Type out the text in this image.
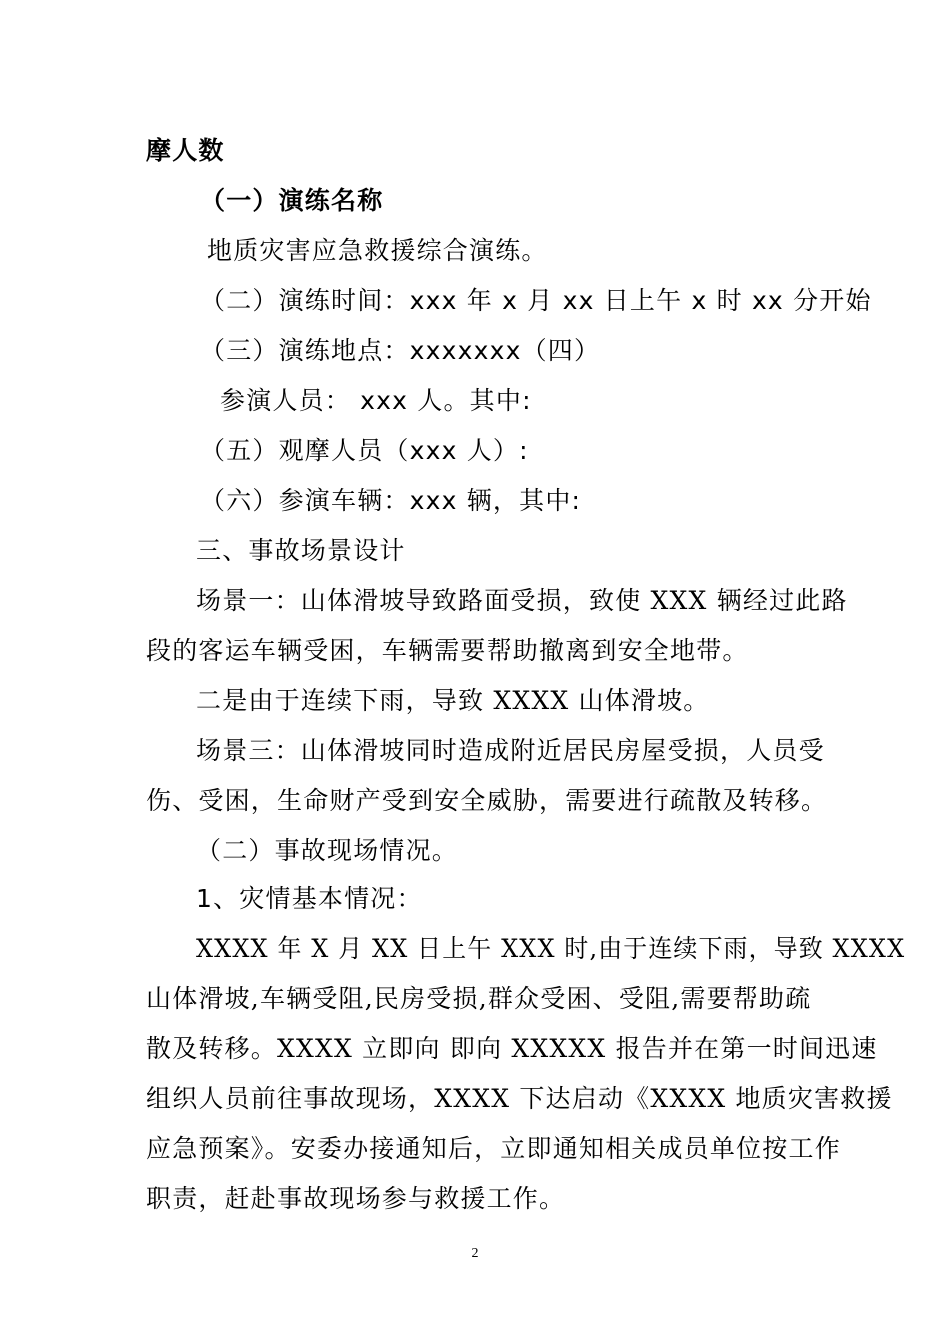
摩人数
（一）演练名称
地质灾害应急救援综合演练。
（二）演练时间：xxx 年 x 月 xx 日上午 x 时 xx 分开始
（三）演练地点：xxxxxxx（四）
参演人员： xxx 人。其中:
（五）观摩人员（xxx 人）:
（六）参演车辆：xxx 辆，其中:
三、事故场景设计
场景一：山体滑坡导致路面受损，致使 XXX 辆经过此路
段的客运车辆受困，车辆需要帮助撤离到安全地带。
二是由于连续下雨，导致 XXXX 山体滑坡。
场景三：山体滑坡同时造成附近居民房屋受损，人员受
伤、受困，生命财产受到安全威胁，需要进行疏散及转移。
（二）事故现场情况。
1、灾情基本情况：
XXXX 年 X 月 XX 日上午 XXX 时,由于连续下雨，导致 XXXX
山体滑坡,车辆受阻,民房受损,群众受困、受阻,需要帮助疏
散及转移。XXXX 立即向 即向 XXXXX 报告并在第一时间迅速
组织人员前往事故现场，XXXX 下达启动《XXXX 地质灾害救援
应急预案》。安委办接通知后，立即通知相关成员单位按工作
职责，赶赴事故现场参与救援工作。
2
